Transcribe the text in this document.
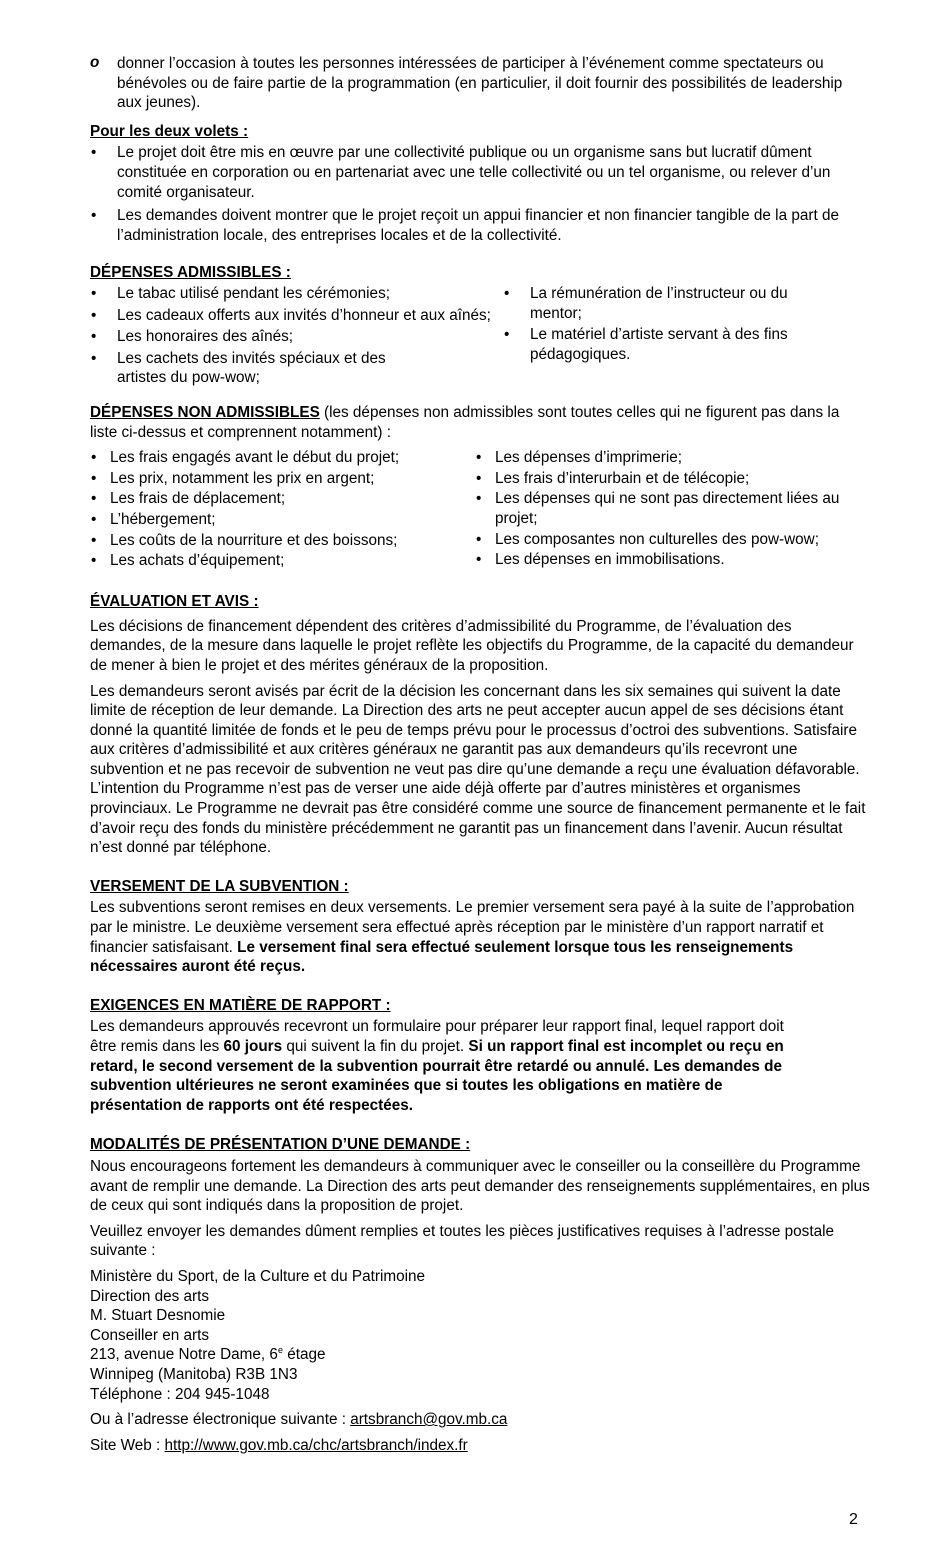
o donner l’occasion à toutes les personnes intéressées de participer à l’événement comme spectateurs ou bénévoles ou de faire partie de la programmation (en particulier, il doit fournir des possibilités de leadership aux jeunes).

Pour les deux volets :

• Le projet doit être mis en œuvre par une collectivité publique ou un organisme sans but lucratif dûment constituée en corporation ou en partenariat avec une telle collectivité ou un tel organisme, ou relever d’un comité organisateur.
• Les demandes doivent montrer que le projet reçoit un appui financier et non financier tangible de la part de l’administration locale, des entreprises locales et de la collectivité.

DÉPENSES ADMISSIBLES :

• Le tabac utilisé pendant les cérémonies;
• Les cadeaux offerts aux invités d’honneur et aux aînés;
• Les honoraires des aînés;
• Les cachets des invités spéciaux et des artistes du pow-wow;
• La rémunération de l’instructeur ou du mentor;
• Le matériel d’artiste servant à des fins pédagogiques.

DÉPENSES NON ADMISSIBLES (les dépenses non admissibles sont toutes celles qui ne figurent pas dans la liste ci-dessus et comprennent notamment) :

• Les frais engagés avant le début du projet;
• Les prix, notamment les prix en argent;
• Les frais de déplacement;
• L’hébergement;
• Les coûts de la nourriture et des boissons;
• Les achats d’équipement;
• Les dépenses d’imprimerie;
• Les frais d’interurbain et de télécopie;
• Les dépenses qui ne sont pas directement liées au projet;
• Les composantes non culturelles des pow-wow;
• Les dépenses en immobilisations.

ÉVALUATION ET AVIS :

Les décisions de financement dépendent des critères d’admissibilité du Programme, de l’évaluation des demandes, de la mesure dans laquelle le projet reflète les objectifs du Programme, de la capacité du demandeur de mener à bien le projet et des mérites généraux de la proposition.

Les demandeurs seront avisés par écrit de la décision les concernant dans les six semaines qui suivent la date limite de réception de leur demande. La Direction des arts ne peut accepter aucun appel de ses décisions étant donné la quantité limitée de fonds et le peu de temps prévu pour le processus d’octroi des subventions. Satisfaire aux critères d’admissibilité et aux critères généraux ne garantit pas aux demandeurs qu’ils recevront une subvention et ne pas recevoir de subvention ne veut pas dire qu’une demande a reçu une évaluation défavorable. L’intention du Programme n’est pas de verser une aide déjà offerte par d’autres ministères et organismes provinciaux. Le Programme ne devrait pas être considéré comme une source de financement permanente et le fait d’avoir reçu des fonds du ministère précédemment ne garantit pas un financement dans l’avenir. Aucun résultat n’est donné par téléphone.

VERSEMENT DE LA SUBVENTION :

Les subventions seront remises en deux versements. Le premier versement sera payé à la suite de l’approbation par le ministre. Le deuxième versement sera effectué après réception par le ministère d’un rapport narratif et financier satisfaisant. Le versement final sera effectué seulement lorsque tous les renseignements nécessaires auront été reçus.

EXIGENCES EN MATIÈRE DE RAPPORT :

Les demandeurs approuvés recevront un formulaire pour préparer leur rapport final, lequel rapport doit être remis dans les 60 jours qui suivent la fin du projet. Si un rapport final est incomplet ou reçu en retard, le second versement de la subvention pourrait être retardé ou annulé. Les demandes de subvention ultérieures ne seront examinées que si toutes les obligations en matière de présentation de rapports ont été respectées.

MODALITÉS DE PRÉSENTATION D’UNE DEMANDE :

Nous encourageons fortement les demandeurs à communiquer avec le conseiller ou la conseillère du Programme avant de remplir une demande. La Direction des arts peut demander des renseignements supplémentaires, en plus de ceux qui sont indiqués dans la proposition de projet.

Veuillez envoyer les demandes dûment remplies et toutes les pièces justificatives requises à l’adresse postale suivante :

Ministère du Sport, de la Culture et du Patrimoine

Direction des arts

M. Stuart Desnomie

Conseiller en arts

213, avenue Notre Dame, 6e étage

Winnipeg (Manitoba) R3B 1N3

Téléphone : 204 945-1048

Ou à l’adresse électronique suivante : artsbranch@gov.mb.ca

Site Web : http://www.gov.mb.ca/chc/artsbranch/index.fr

2
